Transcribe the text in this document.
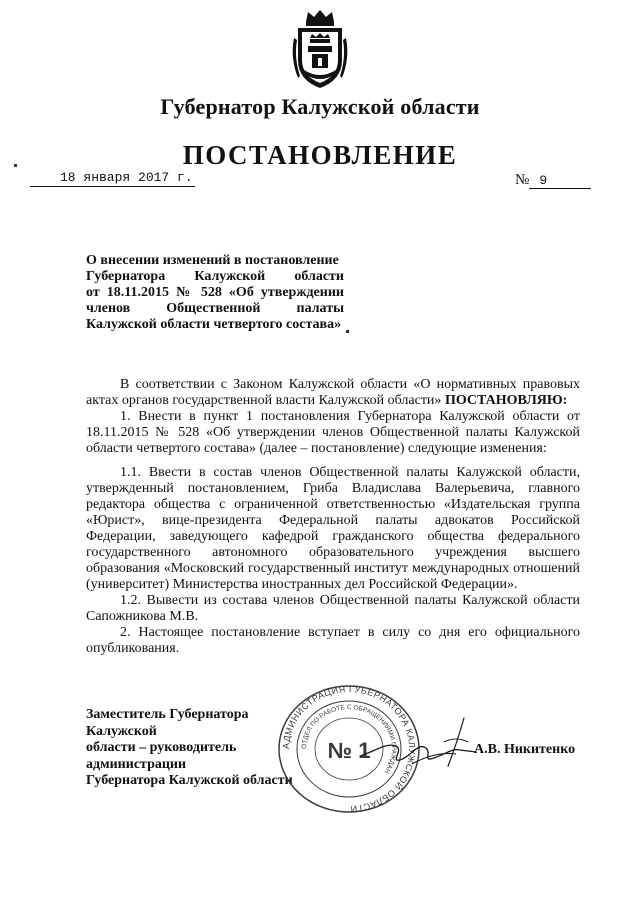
Губернатор Калужской области
ПОСТАНОВЛЕНИЕ
18 января 2017 г.	№ 9
О внесении изменений в постановление
Губернатора Калужской области
от 18.11.2015 № 528 «Об утверждении
членов Общественной палаты
Калужской области четвертого состава»

В соответствии с Законом Калужской области «О нормативных правовых актах органов государственной власти Калужской области» ПОСТАНОВЛЯЮ:

1. Внести в пункт 1 постановления Губернатора Калужской области от 18.11.2015 № 528 «Об утверждении членов Общественной палаты Калужской области четвертого состава» (далее – постановление) следующие изменения:

1.1. Ввести в состав членов Общественной палаты Калужской области, утвержденный постановлением, Гриба Владислава Валерьевича, главного редактора общества с ограниченной ответственностью «Издательская группа «Юрист», вице-президента Федеральной палаты адвокатов Российской Федерации, заведующего кафедрой гражданского общества федерального государственного автономного образовательного учреждения высшего образования «Московский государственный институт международных отношений (университет) Министерства иностранных дел Российской Федерации».

1.2. Вывести из состава членов Общественной палаты Калужской области Сапожникова М.В.

2. Настоящее постановление вступает в силу со дня его официального опубликования.

Заместитель Губернатора Калужской
области – руководитель администрации
Губернатора Калужской области
АДМИНИСТРАЦИЯ ГУБЕРНАТОРА КАЛУЖСКОЙ ОБЛАСТИ
ОТДЕЛ ПО РАБОТЕ С ОБРАЩЕНИЯМИ ГРАЖДАН
№ 1	А.В. Никитенко
